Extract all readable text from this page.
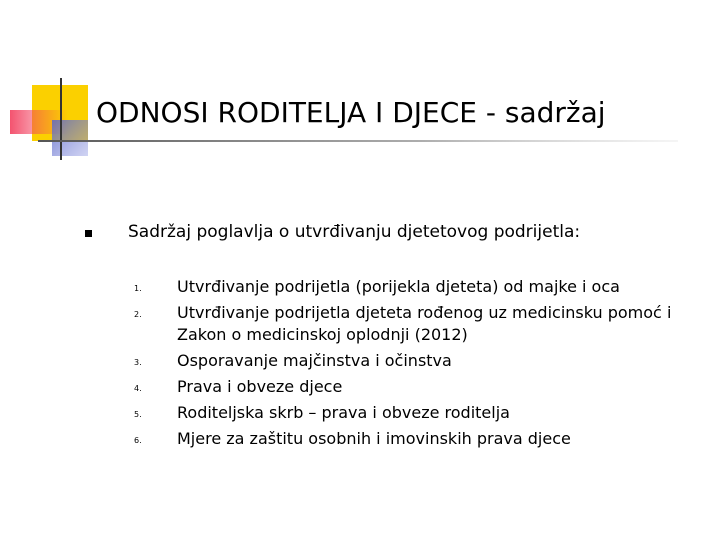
ODNOSI RODITELJA I DJECE - sadržaj
Sadržaj poglavlja o utvrđivanju djetetovog podrijetla:
1.	Utvrđivanje podrijetla (porijekla djeteta) od majke i oca
2.	Utvrđivanje podrijetla djeteta rođenog uz medicinsku pomoć i Zakon o medicinskoj oplodnji (2012)
3.	Osporavanje majčinstva i očinstva
4.	Prava i obveze djece
5.	Roditeljska skrb – prava i obveze roditelja
6.	Mjere za zaštitu osobnih i imovinskih prava djece
